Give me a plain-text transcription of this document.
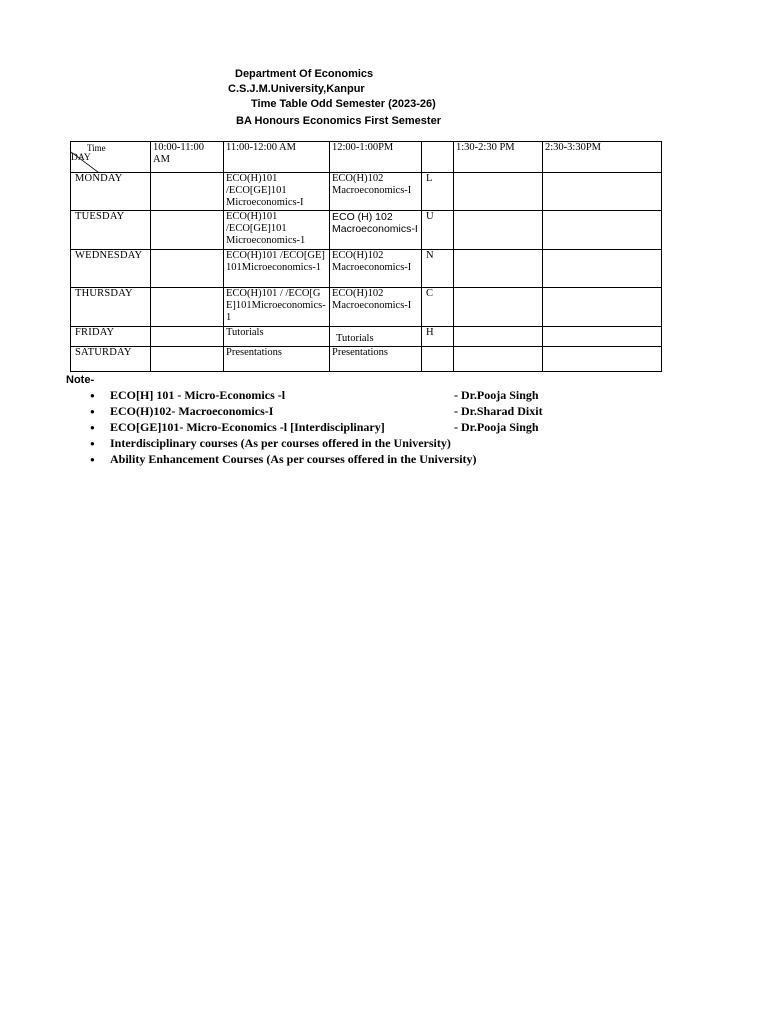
Department Of Economics
C.S.J.M.University,Kanpur
Time Table Odd Semester (2023-26)
BA Honours Economics First Semester
Time
DAY	10:00-11:00 AM	11:00-12:00 AM	12:00-1:00PM		1:30-2:30 PM	2:30-3:30PM
MONDAY		ECO(H)101 /ECO[GE]101 Microeconomics-I	ECO(H)102 Macroeconomics-I	L		
TUESDAY		ECO(H)101 /ECO[GE]101 Microeconomics-1	ECO (H) 102 Macroeconomics-I	U		
WEDNESDAY		ECO(H)101 /ECO[GE]101Microeconomics-1	ECO(H)102 Macroeconomics-I	N		
THURSDAY		ECO(H)101 / /ECO[GE]101Microeconomics-1	ECO(H)102 Macroeconomics-I	C		
FRIDAY		Tutorials	Tutorials	H		
SATURDAY		Presentations	Presentations			
Note-
● ECO[H] 101 - Micro-Economics -l	- Dr.Pooja Singh
● ECO(H)102- Macroeconomics-I	- Dr.Sharad Dixit
● ECO[GE]101- Micro-Economics -l [Interdisciplinary]	- Dr.Pooja Singh
● Interdisciplinary courses (As per courses offered in the University)
● Ability Enhancement Courses (As per courses offered in the University)
